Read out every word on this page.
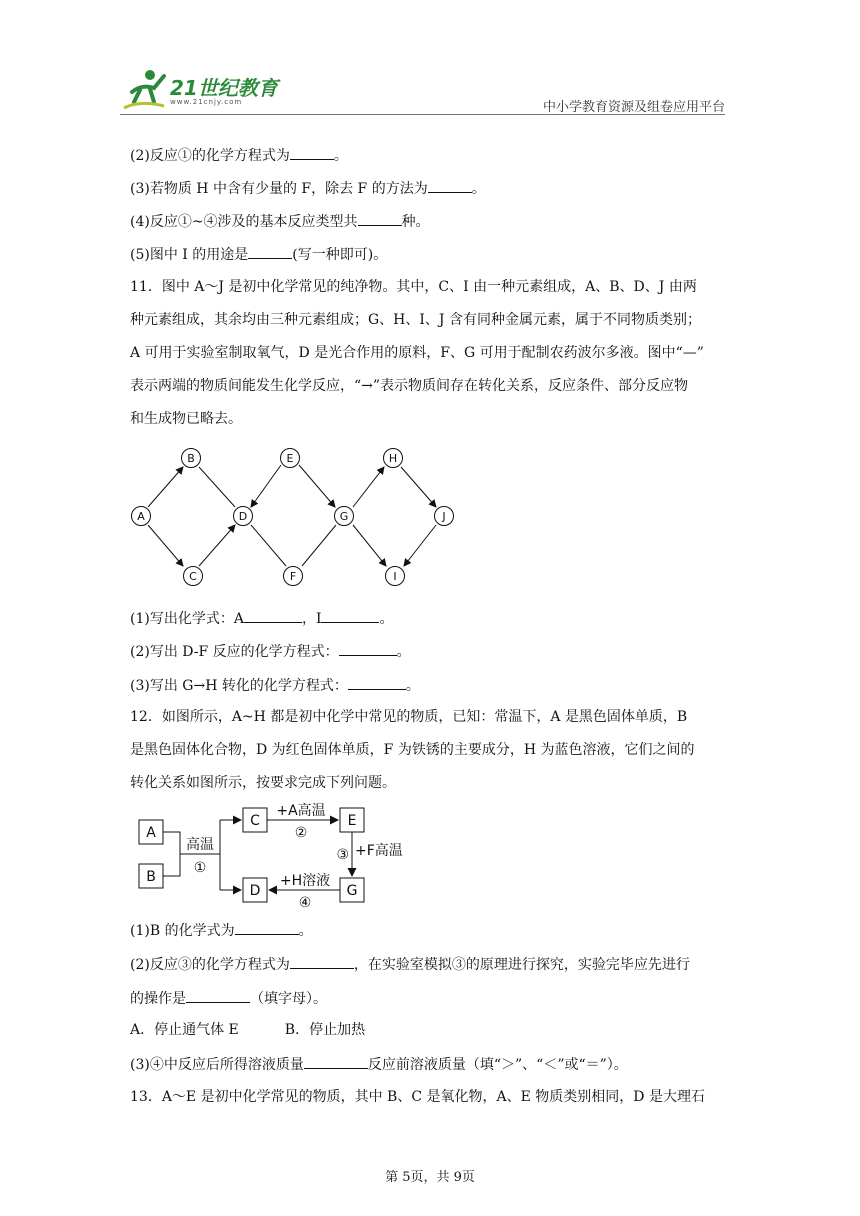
21世纪教育
www.21cnjy.com	中小学教育资源及组卷应用平台
(2)反应①的化学方程式为	。
(3)若物质 H 中含有少量的 F，除去 F 的方法为	。
(4)反应①~④涉及的基本反应类型共	种。
(5)图中 I 的用途是	(写一种即可)。
11．图中 A～J 是初中化学常见的纯净物。其中，C、I 由一种元素组成，A、B、D、J 由两
种元素组成，其余均由三种元素组成；G、H、I、J 含有同种金属元素，属于不同物质类别；
A 可用于实验室制取氧气，D 是光合作用的原料，F、G 可用于配制农药波尔多液。图中“—”
表示两端的物质间能发生化学反应，“→”表示物质间存在转化关系，反应条件、部分反应物
和生成物已略去。
A
B
C
D
E
F
G
H
I
J
(1)写出化学式：A	，I	。
(2)写出 D-F 反应的化学方程式：	。
(3)写出 G→H 转化的化学方程式：	。
12．如图所示，A~H 都是初中化学中常见的物质，已知：常温下，A 是黑色固体单质，B
是黑色固体化合物，D 为红色固体单质，F 为铁锈的主要成分，H 为蓝色溶液，它们之间的
转化关系如图所示，按要求完成下列问题。
A
B
C	E
D	G
高温
①
+A高温
②
③ +F高温
+H溶液
④
(1)B 的化学式为	。
(2)反应③的化学方程式为	，在实验室模拟③的原理进行探究，实验完毕应先进行
的操作是	（填字母）。
A．停止通气体 E	B．停止加热
(3)④中反应后所得溶液质量	反应前溶液质量（填“＞”、“＜”或“＝”）。
13．A～E 是初中化学常见的物质，其中 B、C 是氧化物，A、E 物质类别相同，D 是大理石
第 5页，共 9页
